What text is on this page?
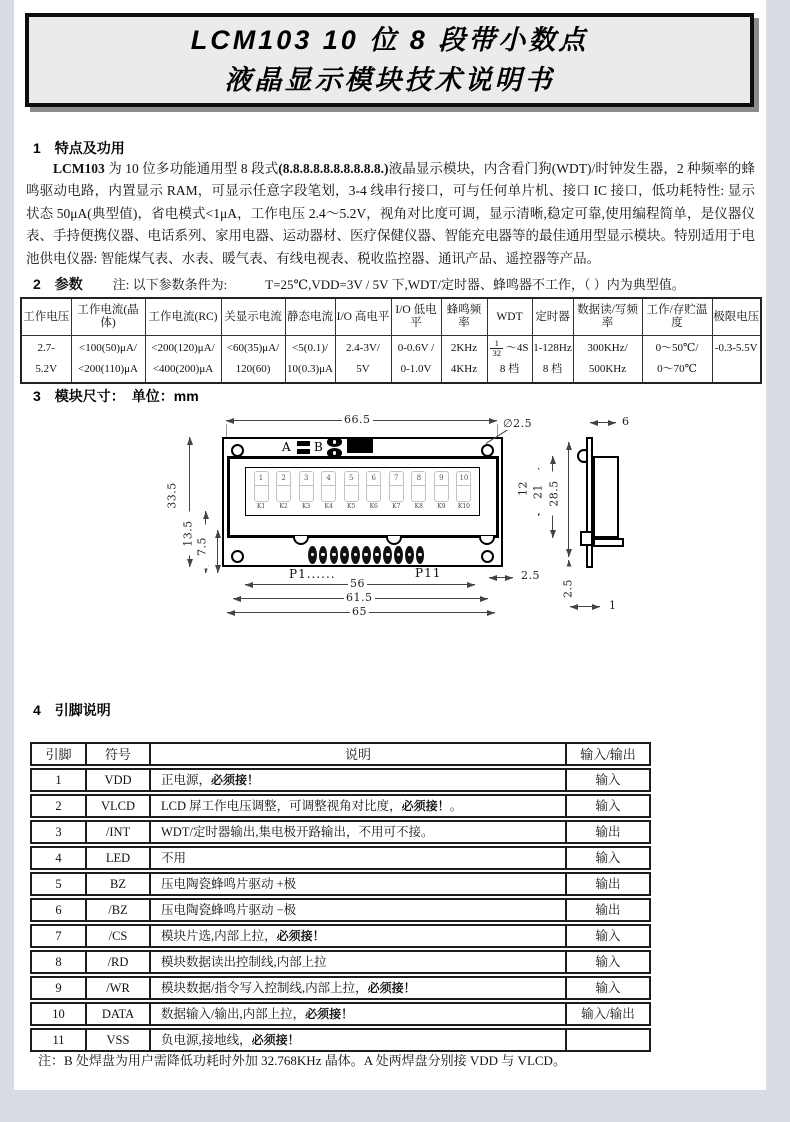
LCM103 10 位 8 段带小数点
液晶显示模块技术说明书
1　特点及功用

LCM103 为 10 位多功能通用型 8 段式(8.8.8.8.8.8.8.8.8.8.)液晶显示模块，内含看门狗(WDT)/时钟发生器，2 种频率的蜂鸣驱动电路，内置显示 RAM，可显示任意字段笔划，3-4 线串行接口，可与任何单片机、接口 IC 接口，低功耗特性: 显示状态 50μA(典型值)，省电模式<1μA，工作电压 2.4～5.2V，视角对比度可调，显示清晰,稳定可靠,使用编程简单，是仪器仪表、手持便携仪器、电话系列、家用电器、运动器材、医疗保健仪器、智能充电器等的最佳通用型显示模块。特别适用于电池供电仪器: 智能煤气表、水表、暖气表、有线电视表、税收监控器、通讯产品、遥控器等产品。

2　参数 注: 以下参数条件为:	T=25℃,VDD=3V / 5V 下,WDT/定时器、蜂鸣器不工作，（ ）内为典型值。
工作电压	工作电流(晶体)	工作电流(RC)	关显示电流	静态电流	I/O 高电平	I/O 低电平	蜂鸣频率	WDT	定时器	数据读/写频率	工作/存贮温度	极限电压

2.7-
5.2V

<100(50)μA/
<200(110)μA

<200(120)μA/
<400(200)μA

<60(35)μA/
120(60)

<5(0.1)/
10(0.3)μA

2.4-3V/
5V

0-0.6V /
0-1.0V

2KHz
4KHz

$\frac{1}{32}$ ～4S
8 档

1-128Hz
8 档

300KHz/
500KHz

0～50℃/
0～70℃

-0.3-5.5V
3　模块尺寸：　单位：mm
66.5	∅2.5
A B
1
K1
2
K2
3
K3
4
K4
5
K5
6
K6
7
K7
8
K8
9
K9
10
K10
P1......	P11
56
61.5
65
33.5
13.5 7.5
12 21 28.5
2.5
2.5
6
1
4　引脚说明
引脚	符号	说明	输入/输出
1	VDD	正电源，必须接！	输入
2	VLCD	LCD 屏工作电压调整，可调整视角对比度，必须接！。	输入
3	/INT	WDT/定时器输出,集电极开路输出，不用可不接。	输出
4	LED	不用	输入
5	BZ	压电陶瓷蜂鸣片驱动 +极	输出
6	/BZ	压电陶瓷蜂鸣片驱动 −极	输出
7	/CS	模块片选,内部上拉，必须接！	输入
8	/RD	模块数据读出控制线,内部上拉	输入
9	/WR	模块数据/指令写入控制线,内部上拉，必须接！	输入
10	DATA	数据输入/输出,内部上拉，必须接！	输入/输出
11	VSS	负电源,接地线，必须接！	
注：B 处焊盘为用户需降低功耗时外加 32.768KHz 晶体。A 处两焊盘分别接 VDD 与 VLCD。
